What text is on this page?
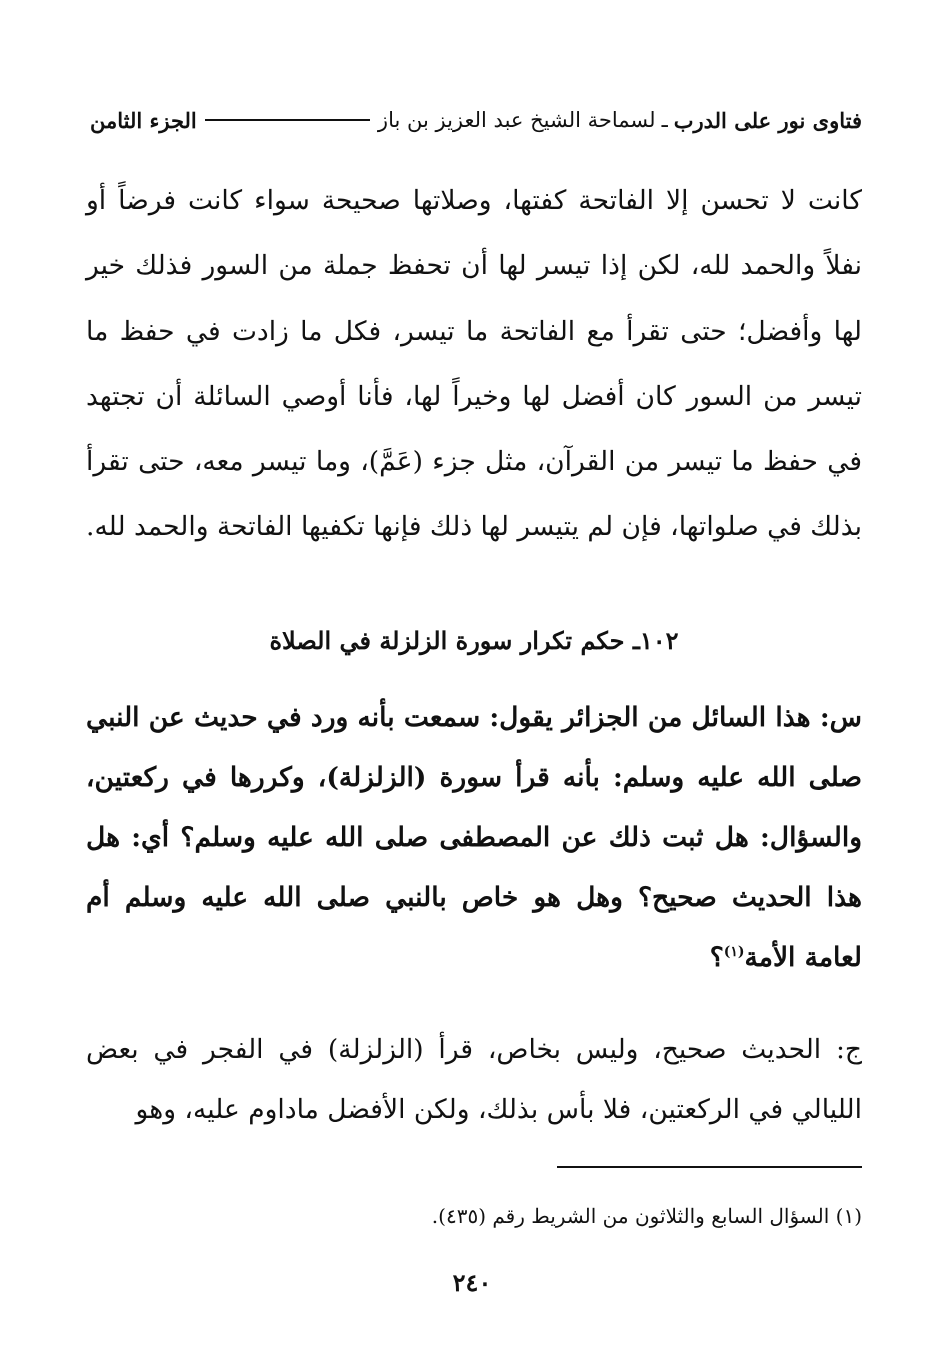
فتاوى نور على الدرب
ـ
لسماحة الشيخ عبد العزيز بن باز
الجزء الثامن
كانت لا تحسن إلا الفاتحة كفتها، وصلاتها صحيحة سواء كانت فرضاً أو نفلاً والحمد لله، لكن إذا تيسر لها أن تحفظ جملة من السور فذلك خير لها وأفضل؛ حتى تقرأ مع الفاتحة ما تيسر، فكل ما زادت في حفظ ما تيسر من السور كان أفضل لها وخيراً لها، فأنا أوصي السائلة أن تجتهد في حفظ ما تيسر من القرآن، مثل جزء (عَمَّ)، وما تيسر معه، حتى تقرأ بذلك في صلواتها، فإن لم يتيسر لها ذلك فإنها تكفيها الفاتحة والحمد لله.
١٠٢ـ حكم تكرار سورة الزلزلة في الصلاة
س: هذا السائل من الجزائر يقول: سمعت بأنه ورد في حديث عن النبي صلى الله عليه وسلم: بأنه قرأ سورة (الزلزلة)، وكررها في ركعتين، والسؤال: هل ثبت ذلك عن المصطفى صلى الله عليه وسلم؟ أي: هل هذا الحديث صحيح؟ وهل هو خاص بالنبي صلى الله عليه وسلم أم لعامة الأمة$^{(١)}$؟
ج: الحديث صحيح، وليس بخاص، قرأ (الزلزلة) في الفجر في بعض الليالي في الركعتين، فلا بأس بذلك، ولكن الأفضل ماداوم عليه، وهو
(١) السؤال السابع والثلاثون من الشريط رقم (٤٣٥).
٢٤٠
